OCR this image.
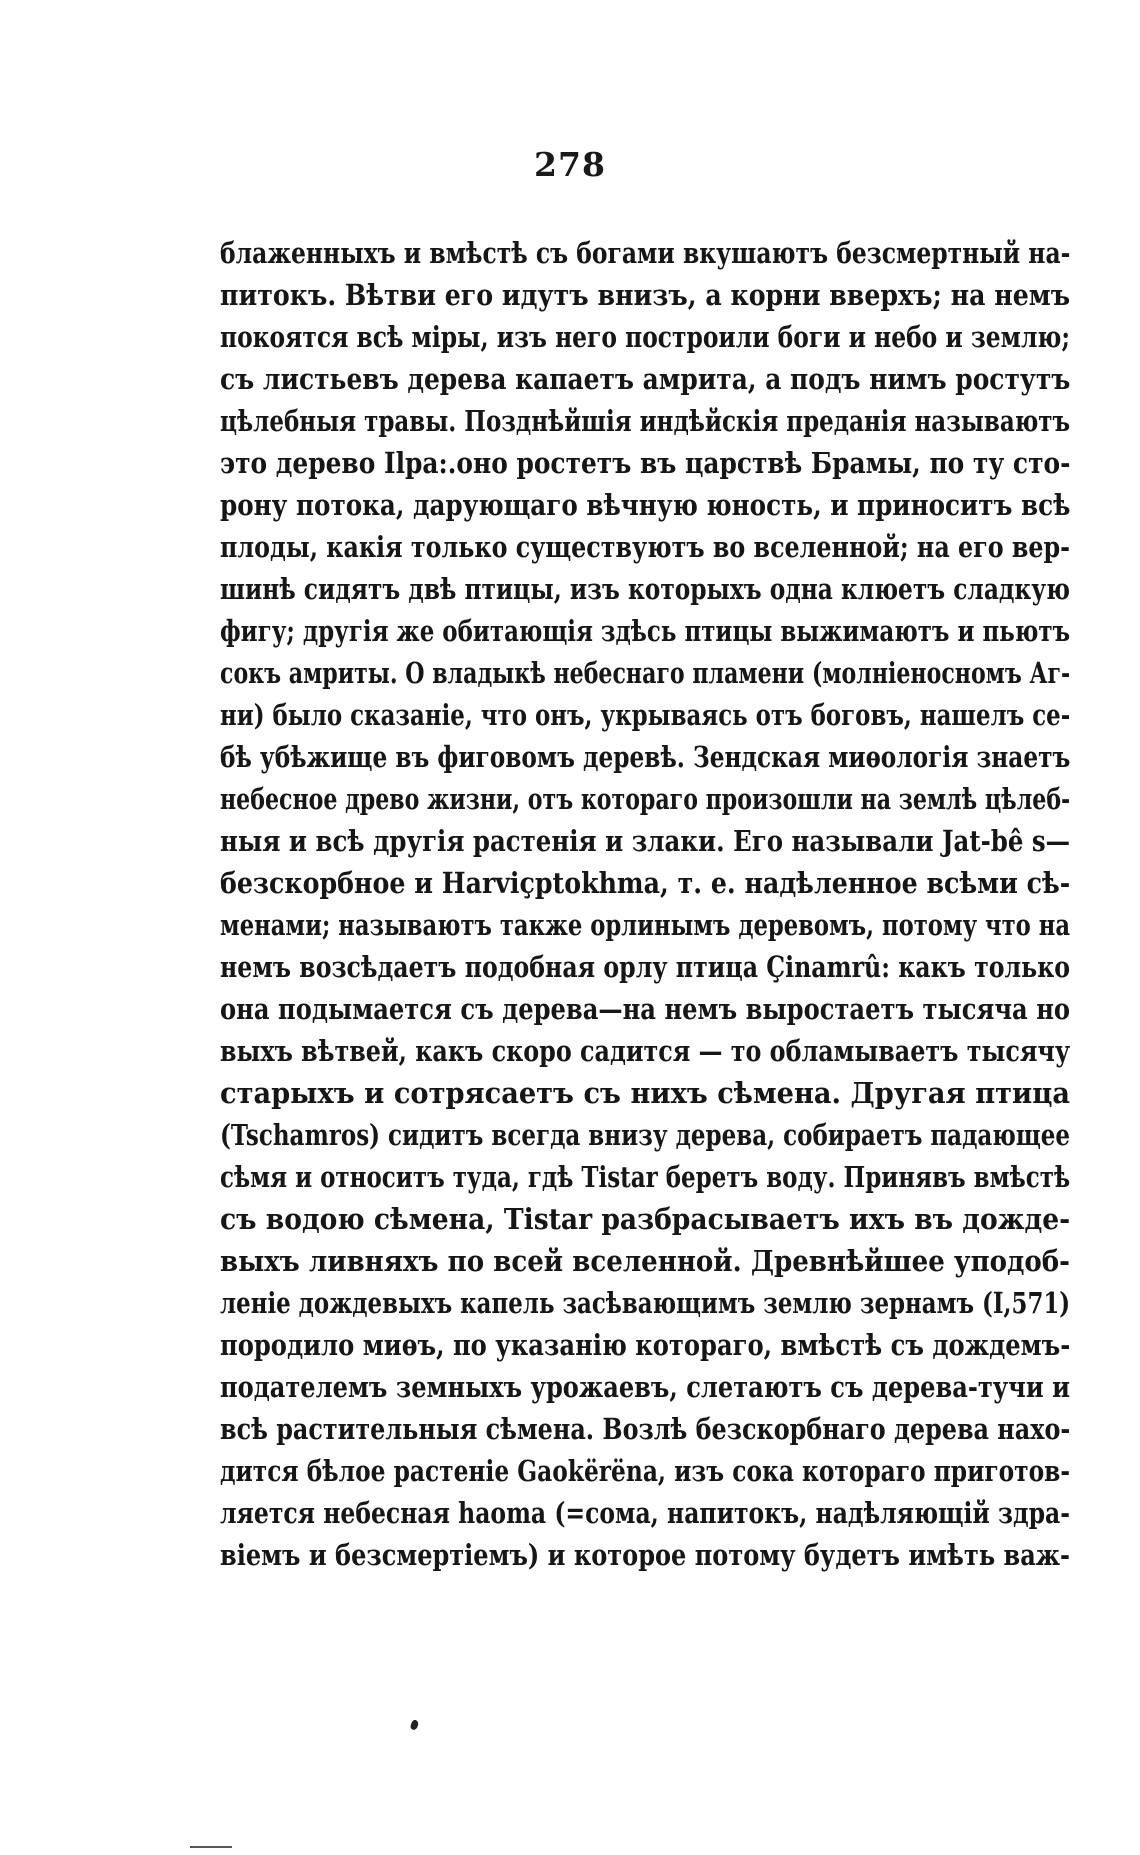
278
блаженныхъ и вмѣстѣ съ богами вкушаютъ безсмертный на-
питокъ. Вѣтви его идутъ внизъ, а корни вверхъ; на немъ
покоятся всѣ міры, изъ него построили боги и небо и землю;
съ листьевъ дерева капаетъ амрита, а подъ нимъ ростутъ
цѣлебныя травы. Позднѣйшія индѣйскія преданія называютъ
это дерево Ilpa:.оно ростетъ въ царствѣ Брамы, по ту сто-
рону потока, дарующаго вѣчную юность, и приноситъ всѣ
плоды, какія только существуютъ во вселенной; на его вер-
шинѣ сидятъ двѣ птицы, изъ которыхъ одна клюетъ сладкую
фигу; другія же обитающія здѣсь птицы выжимаютъ и пьютъ
сокъ амриты. О владыкѣ небеснаго пламени (молніеносномъ Аг-
ни) было сказаніе, что онъ, укрываясь отъ боговъ, нашелъ се-
бѣ убѣжище въ фиговомъ деревѣ. Зендская миѳологія знаетъ
небесное древо жизни, отъ котораго произошли на землѣ цѣлеб-
ныя и всѣ другія растенія и злаки. Его называли Jat-bê s—
безскорбное и Harviçptokhma, т. е. надѣленное всѣми сѣ-
менами; называютъ также орлинымъ деревомъ, потому что на
немъ возсѣдаетъ подобная орлу птица Çinamrû: какъ только
она подымается съ дерева—на немъ выростаетъ тысяча но
выхъ вѣтвей, какъ скоро садится — то обламываетъ тысячу
старыхъ и сотрясаетъ съ нихъ сѣмена. Другая птица
(Tschamros) сидитъ всегда внизу дерева, собираетъ падающее
сѣмя и относитъ туда, гдѣ Tistar беретъ воду. Принявъ вмѣстѣ
съ водою сѣмена, Tistar разбрасываетъ ихъ въ дожде-
выхъ ливняхъ по всей вселенной. Древнѣйшее уподоб-
леніе дождевыхъ капель засѣвающимъ землю зернамъ (I,571)
породило миѳъ, по указанію котораго, вмѣстѣ съ дождемъ-
подателемъ земныхъ урожаевъ, слетаютъ съ дерева-тучи и
всѣ растительныя сѣмена. Возлѣ безскорбнаго дерева нахо-
дится бѣлое растеніе Gaokërëna, изъ сока котораго приготов-
ляется небесная haoma (=сома, напитокъ, надѣляющій здра-
віемъ и безсмертіемъ) и которое потому будетъ имѣть важ-
